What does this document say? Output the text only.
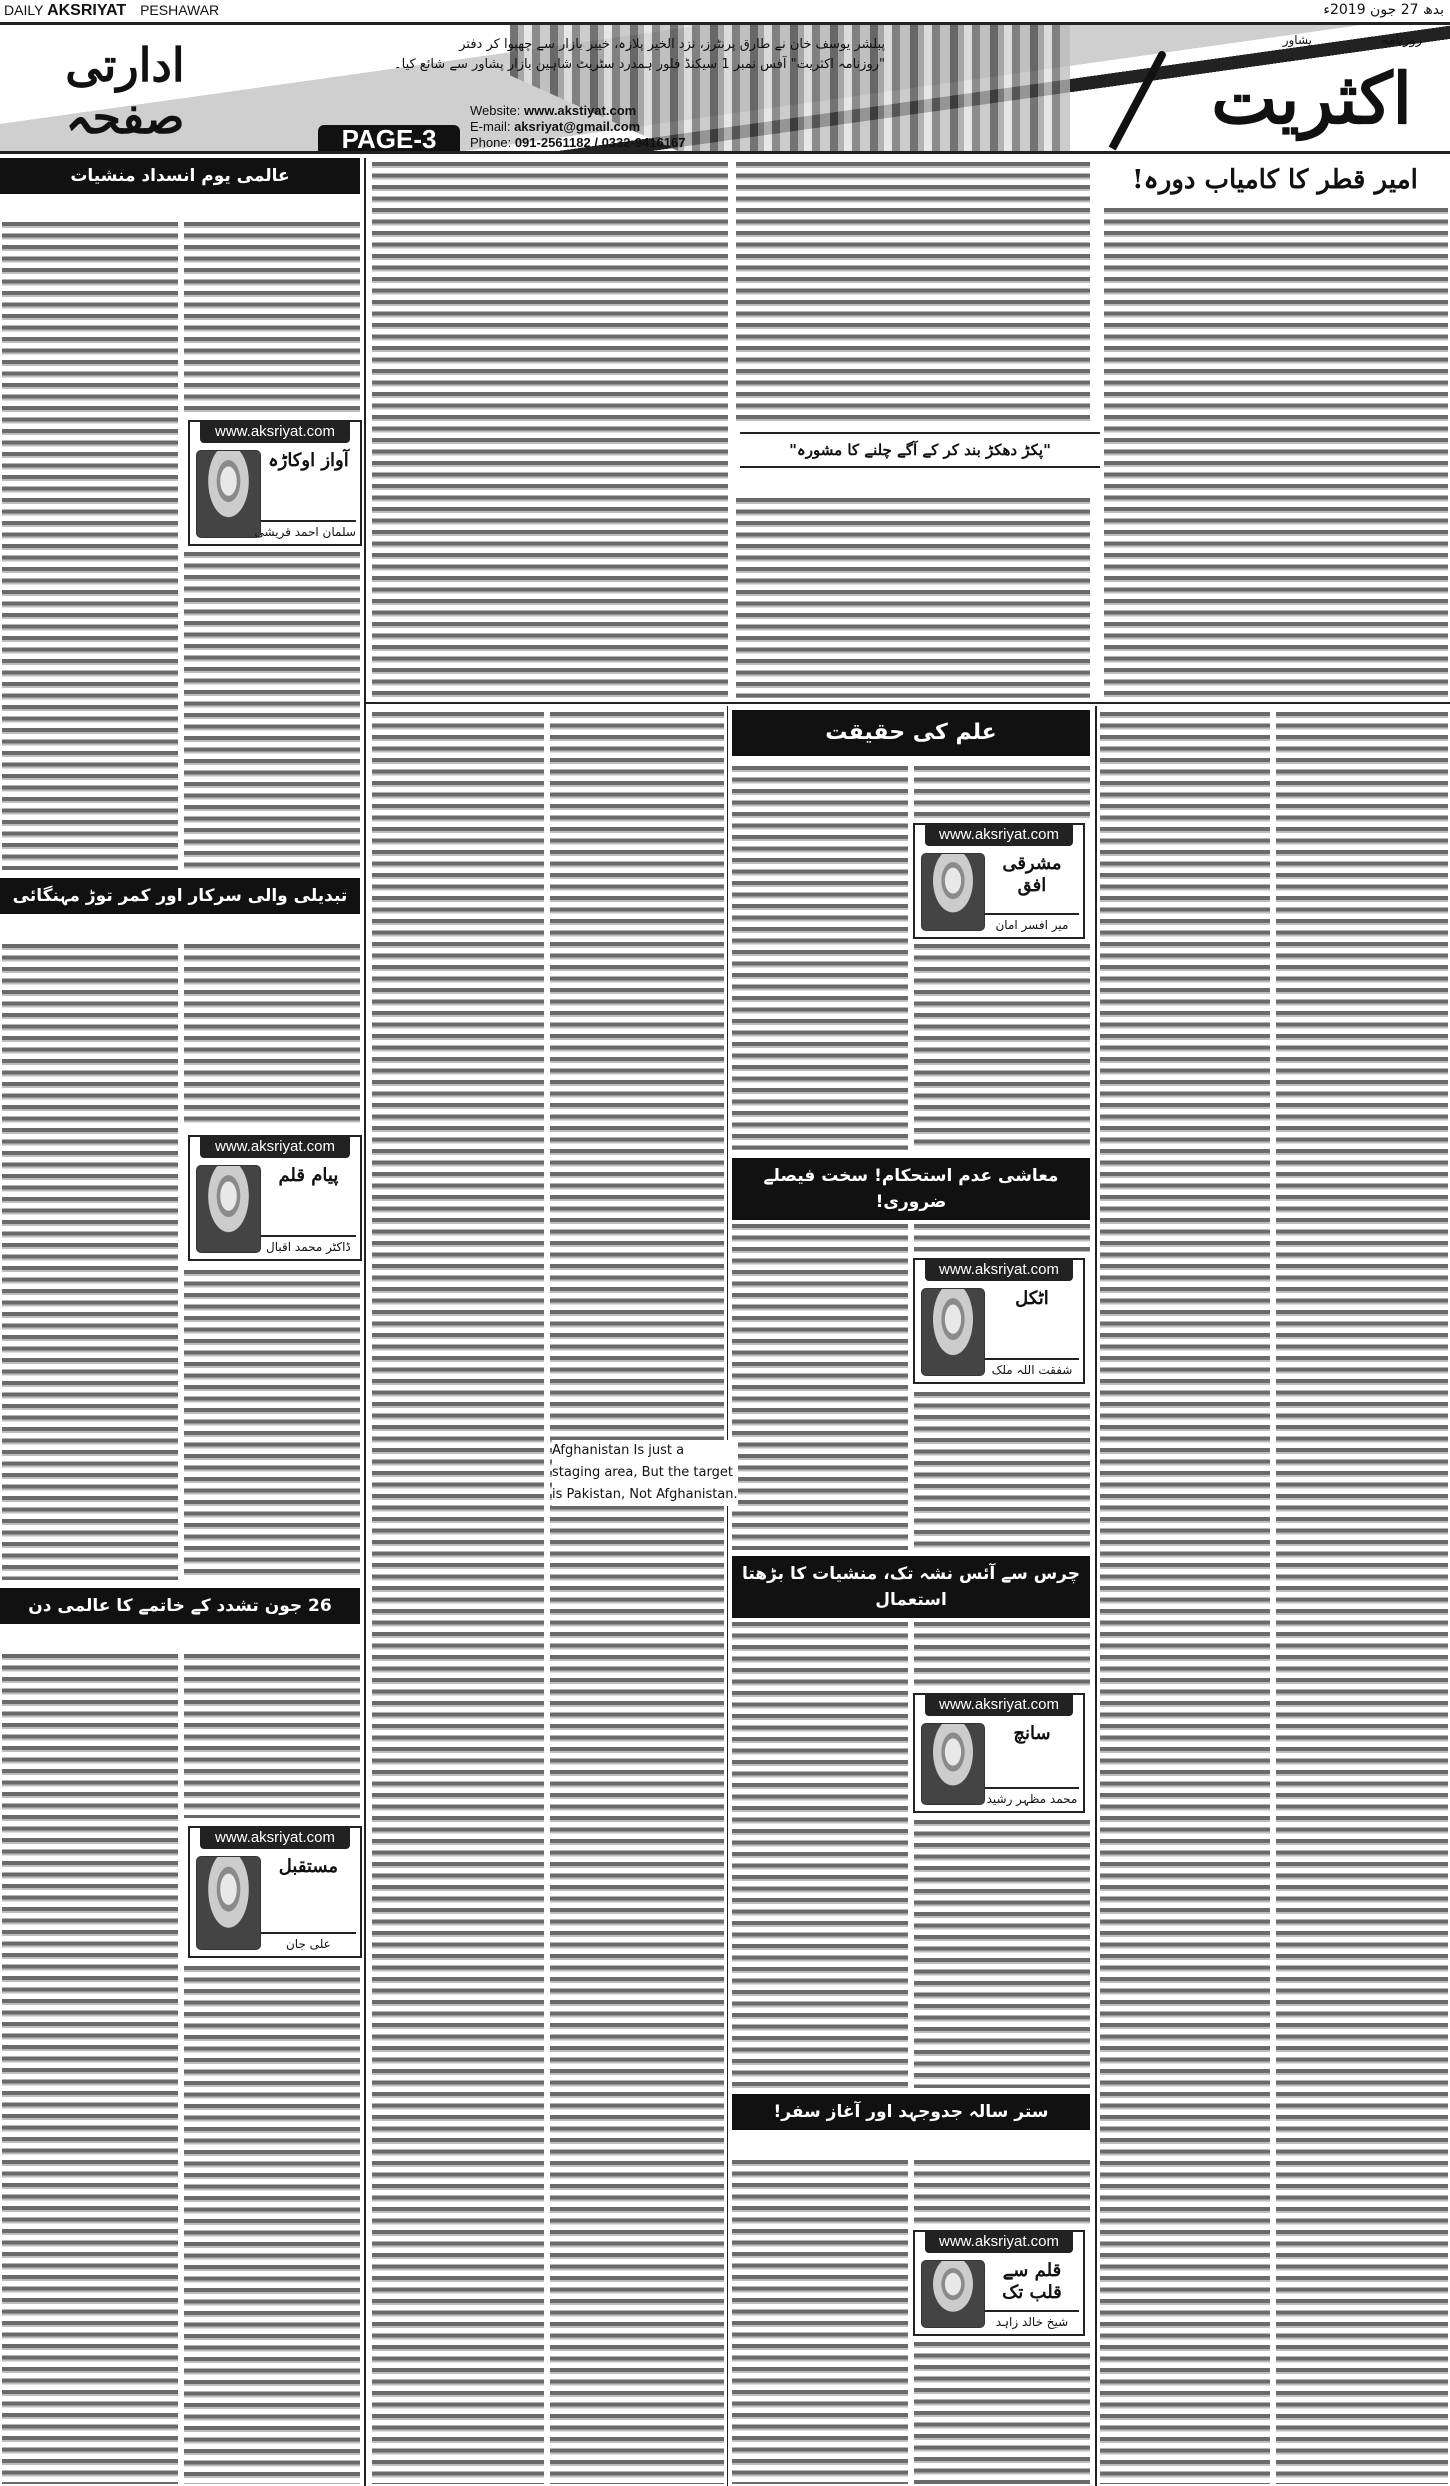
DAILY AKSRIYAT PESHAWAR	بدھ 27 جون 2019ء
ادارتی صفحہ
پبلشر یوسف خان نے طارق پرنٹرز، نزد الخیر پلازہ، خیبر بازار سے چھپوا کر دفتر
"روزنامہ اکثریت" آفس نمبر 1 سیکنڈ فلور ہمدرد سٹریٹ شاہین بازار پشاور سے شائع کیا۔
PAGE-3
Website: www.akstiyat.com
E-mail: aksriyat@gmail.com
Phone: 091-2561182 / 0332-9416167
روزنامہ
پشاور
اکثریت
عالمی یوم انسداد منشیات
تبدیلی والی سرکار اور کمر توڑ مہنگائی
26 جون تشدد کے خاتمے کا عالمی دن
امیر قطر کا کامیاب دورہ!
"پکڑ دھکڑ بند کر کے آگے چلنے کا مشورہ"
علم کی حقیقت
معاشی عدم استحکام! سخت فیصلے ضروری!
چرس سے آئس نشہ تک، منشیات کا بڑھتا استعمال
ستر سالہ جدوجہد اور آغاز سفر!
Afghanistan Is just a
staging area, But the target
is Pakistan, Not Afghanistan.
www.aksriyat.com
آواز اوکاڑہ
سلمان احمد قریشی
www.aksriyat.com
پیام قلم
ڈاکٹر محمد اقبال
www.aksriyat.com
مستقبل
علی جان
www.aksriyat.com
مشرقی افق
میر افسر امان
www.aksriyat.com
اٹکل
شفقت اللہ ملک
www.aksriyat.com
سانچ
محمد مظہر رشید
www.aksriyat.com
قلم سے قلب تک
شیخ خالد زاہد
